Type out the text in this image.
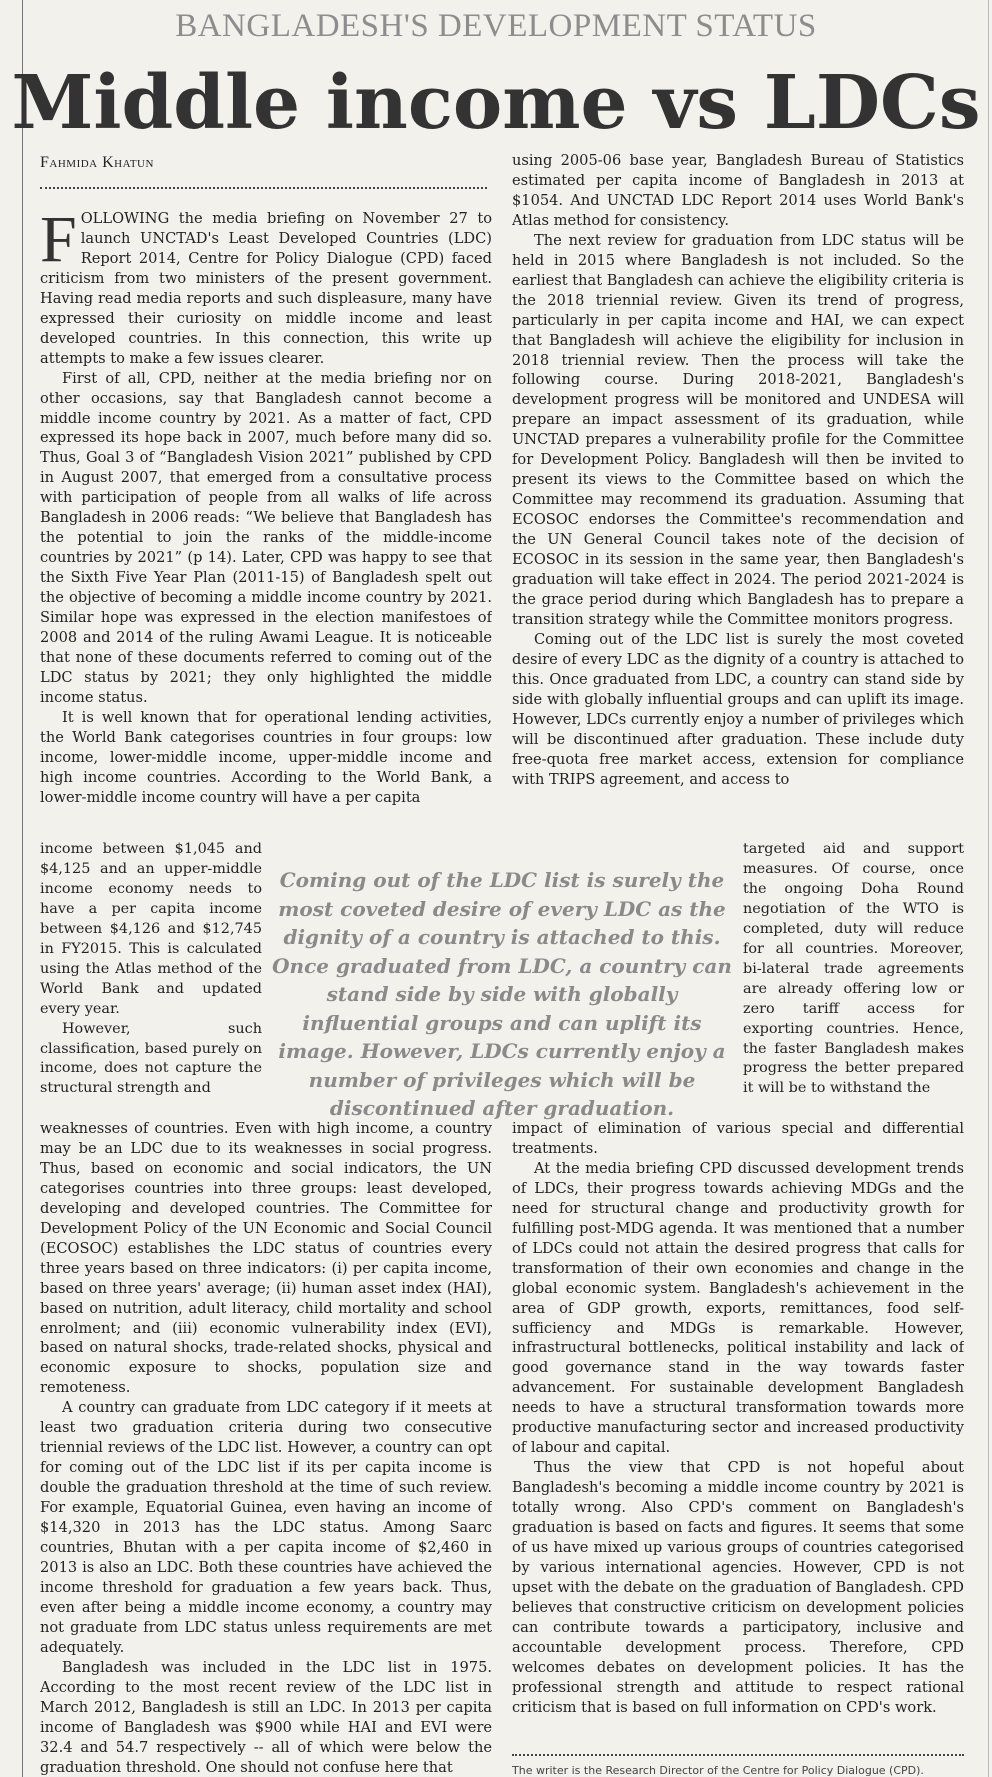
BANGLADESH'S DEVELOPMENT STATUS
Middle income vs LDCs
Fahmida Khatun

FOLLOWING the media briefing on November 27 to launch UNCTAD's Least Developed Countries (LDC) Report 2014, Centre for Policy Dialogue (CPD) faced criticism from two ministers of the present government. Having read media reports and such displeasure, many have expressed their curiosity on middle income and least developed countries. In this connection, this write up attempts to make a few issues clearer.

First of all, CPD, neither at the media briefing nor on other occasions, say that Bangladesh cannot become a middle income country by 2021. As a matter of fact, CPD expressed its hope back in 2007, much before many did so. Thus, Goal 3 of “Bangladesh Vision 2021” published by CPD in August 2007, that emerged from a consultative process with participation of people from all walks of life across Bangladesh in 2006 reads: “We believe that Bangladesh has the potential to join the ranks of the middle-income countries by 2021” (p 14). Later, CPD was happy to see that the Sixth Five Year Plan (2011-15) of Bangladesh spelt out the objective of becoming a middle income country by 2021. Similar hope was expressed in the election manifestoes of 2008 and 2014 of the ruling Awami League. It is noticeable that none of these documents referred to coming out of the LDC status by 2021; they only highlighted the middle income status.

It is well known that for operational lending activities, the World Bank categorises countries in four groups: low income, lower-middle income, upper-middle income and high income countries. According to the World Bank, a lower-middle income country will have a per capita

income between $1,045 and $4,125 and an upper-middle income economy needs to have a per capita income between $4,126 and $12,745 in FY2015. This is calculated using the Atlas method of the World Bank and updated every year.

However, such classification, based purely on income, does not capture the structural strength and

weaknesses of countries. Even with high income, a country may be an LDC due to its weaknesses in social progress. Thus, based on economic and social indicators, the UN categorises countries into three groups: least developed, developing and developed countries. The Committee for Development Policy of the UN Economic and Social Council (ECOSOC) establishes the LDC status of countries every three years based on three indicators: (i) per capita income, based on three years' average; (ii) human asset index (HAI), based on nutrition, adult literacy, child mortality and school enrolment; and (iii) economic vulnerability index (EVI), based on natural shocks, trade-related shocks, physical and economic exposure to shocks, population size and remoteness.

A country can graduate from LDC category if it meets at least two graduation criteria during two consecutive triennial reviews of the LDC list. However, a country can opt for coming out of the LDC list if its per capita income is double the graduation threshold at the time of such review. For example, Equatorial Guinea, even having an income of $14,320 in 2013 has the LDC status. Among Saarc countries, Bhutan with a per capita income of $2,460 in 2013 is also an LDC. Both these countries have achieved the income threshold for graduation a few years back. Thus, even after being a middle income economy, a country may not graduate from LDC status unless requirements are met adequately.

Bangladesh was included in the LDC list in 1975. According to the most recent review of the LDC list in March 2012, Bangladesh is still an LDC. In 2013 per capita income of Bangladesh was $900 while HAI and EVI were 32.4 and 54.7 respectively -- all of which were below the graduation threshold. One should not confuse here that

Coming out of the LDC list is surely the most coveted desire of every LDC as the dignity of a country is attached to this. Once graduated from LDC, a country can stand side by side with globally influential groups and can uplift its image. However, LDCs currently enjoy a number of privileges which will be discontinued after graduation.

using 2005-06 base year, Bangladesh Bureau of Statistics estimated per capita income of Bangladesh in 2013 at $1054. And UNCTAD LDC Report 2014 uses World Bank's Atlas method for consistency.

The next review for graduation from LDC status will be held in 2015 where Bangladesh is not included. So the earliest that Bangladesh can achieve the eligibility criteria is the 2018 triennial review. Given its trend of progress, particularly in per capita income and HAI, we can expect that Bangladesh will achieve the eligibility for inclusion in 2018 triennial review. Then the process will take the following course. During 2018-2021, Bangladesh's development progress will be monitored and UNDESA will prepare an impact assessment of its graduation, while UNCTAD prepares a vulnerability profile for the Committee for Development Policy. Bangladesh will then be invited to present its views to the Committee based on which the Committee may recommend its graduation. Assuming that ECOSOC endorses the Committee's recommendation and the UN General Council takes note of the decision of ECOSOC in its session in the same year, then Bangladesh's graduation will take effect in 2024. The period 2021-2024 is the grace period during which Bangladesh has to prepare a transition strategy while the Committee monitors progress.

Coming out of the LDC list is surely the most coveted desire of every LDC as the dignity of a country is attached to this. Once graduated from LDC, a country can stand side by side with globally influential groups and can uplift its image. However, LDCs currently enjoy a number of privileges which will be discontinued after graduation. These include duty free-quota free market access, extension for compliance with TRIPS agreement, and access to

targeted aid and support measures. Of course, once the ongoing Doha Round negotiation of the WTO is completed, duty will reduce for all countries. Moreover, bi-lateral trade agreements are already offering low or zero tariff access for exporting countries. Hence, the faster Bangladesh makes progress the better prepared it will be to withstand the

impact of elimination of various special and differential treatments.

At the media briefing CPD discussed development trends of LDCs, their progress towards achieving MDGs and the need for structural change and productivity growth for fulfilling post-MDG agenda. It was mentioned that a number of LDCs could not attain the desired progress that calls for transformation of their own economies and change in the global economic system. Bangladesh's achievement in the area of GDP growth, exports, remittances, food self-sufficiency and MDGs is remarkable. However, infrastructural bottlenecks, political instability and lack of good governance stand in the way towards faster advancement. For sustainable development Bangladesh needs to have a structural transformation towards more productive manufacturing sector and increased productivity of labour and capital.

Thus the view that CPD is not hopeful about Bangladesh's becoming a middle income country by 2021 is totally wrong. Also CPD's comment on Bangladesh's graduation is based on facts and figures. It seems that some of us have mixed up various groups of countries categorised by various international agencies. However, CPD is not upset with the debate on the graduation of Bangladesh. CPD believes that constructive criticism on development policies can contribute towards a participatory, inclusive and accountable development process. Therefore, CPD welcomes debates on development policies. It has the professional strength and attitude to respect rational criticism that is based on full information on CPD's work.

The writer is the Research Director of the Centre for Policy Dialogue (CPD).
